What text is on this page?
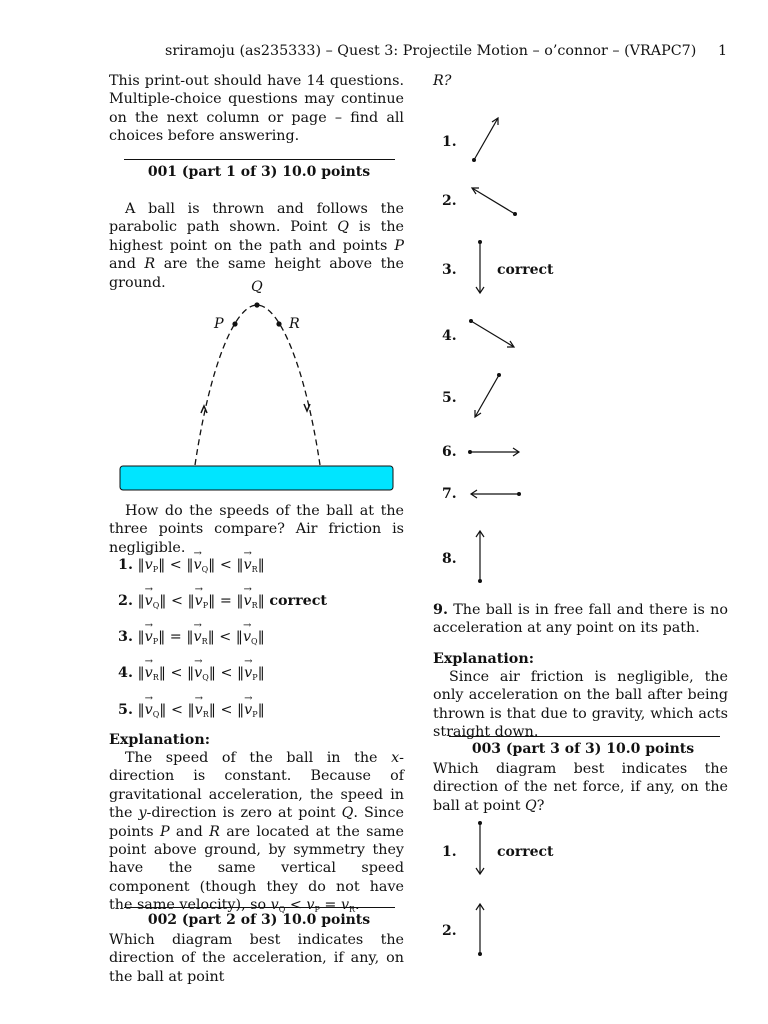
sriramoju (as235333) – Quest 3: Projectile Motion – o’connor – (VRAPC7) 1
This print-out should have 14 questions. Multiple-choice questions may continue on the next column or page – find all choices before answering.
001 (part 1 of 3) 10.0 points
A ball is thrown and follows the parabolic path shown. Point Q is the highest point on the path and points P and R are the same height above the ground.	Q
P	R
How do the speeds of the ball at the three points compare? Air friction is negligible.
1. ‖→ $v_P‖$ < ‖→ $v_Q‖$ < ‖→ $v_R‖$
2. ‖→ $v_Q‖$ < ‖→ $v_P‖$ = ‖→ $v_R‖$ correct
3. ‖→ $v_P‖$ = ‖→ $v_R‖$ < ‖→ $v_Q‖$
4. ‖→ $v_R‖$ < ‖→ $v_Q‖$ < ‖→ $v_P‖$
5. ‖→ $v_Q‖$ < ‖→ $v_R‖$ < ‖→ $v_P‖$
Explanation:
The speed of the ball in the x-direction is constant. Because of gravitational acceleration, the speed in the y-direction is zero at point Q. Since points P and R are located at the same point above ground, by symmetry they have the same vertical speed component (though they do not have the same velocity), so $v_Q < v_P = v_R$.
002 (part 2 of 3) 10.0 points
Which diagram best indicates the direction of the acceleration, if any, on the ball at point
R?
1.
2.
3.	correct
4.
5.
6.
7.
8.
9. The ball is in free fall and there is no acceleration at any point on its path.
Explanation:
Since air friction is negligible, the only acceleration on the ball after being thrown is that due to gravity, which acts straight down.
003 (part 3 of 3) 10.0 points
Which diagram best indicates the direction of the net force, if any, on the ball at point Q?
1.	correct
2.
